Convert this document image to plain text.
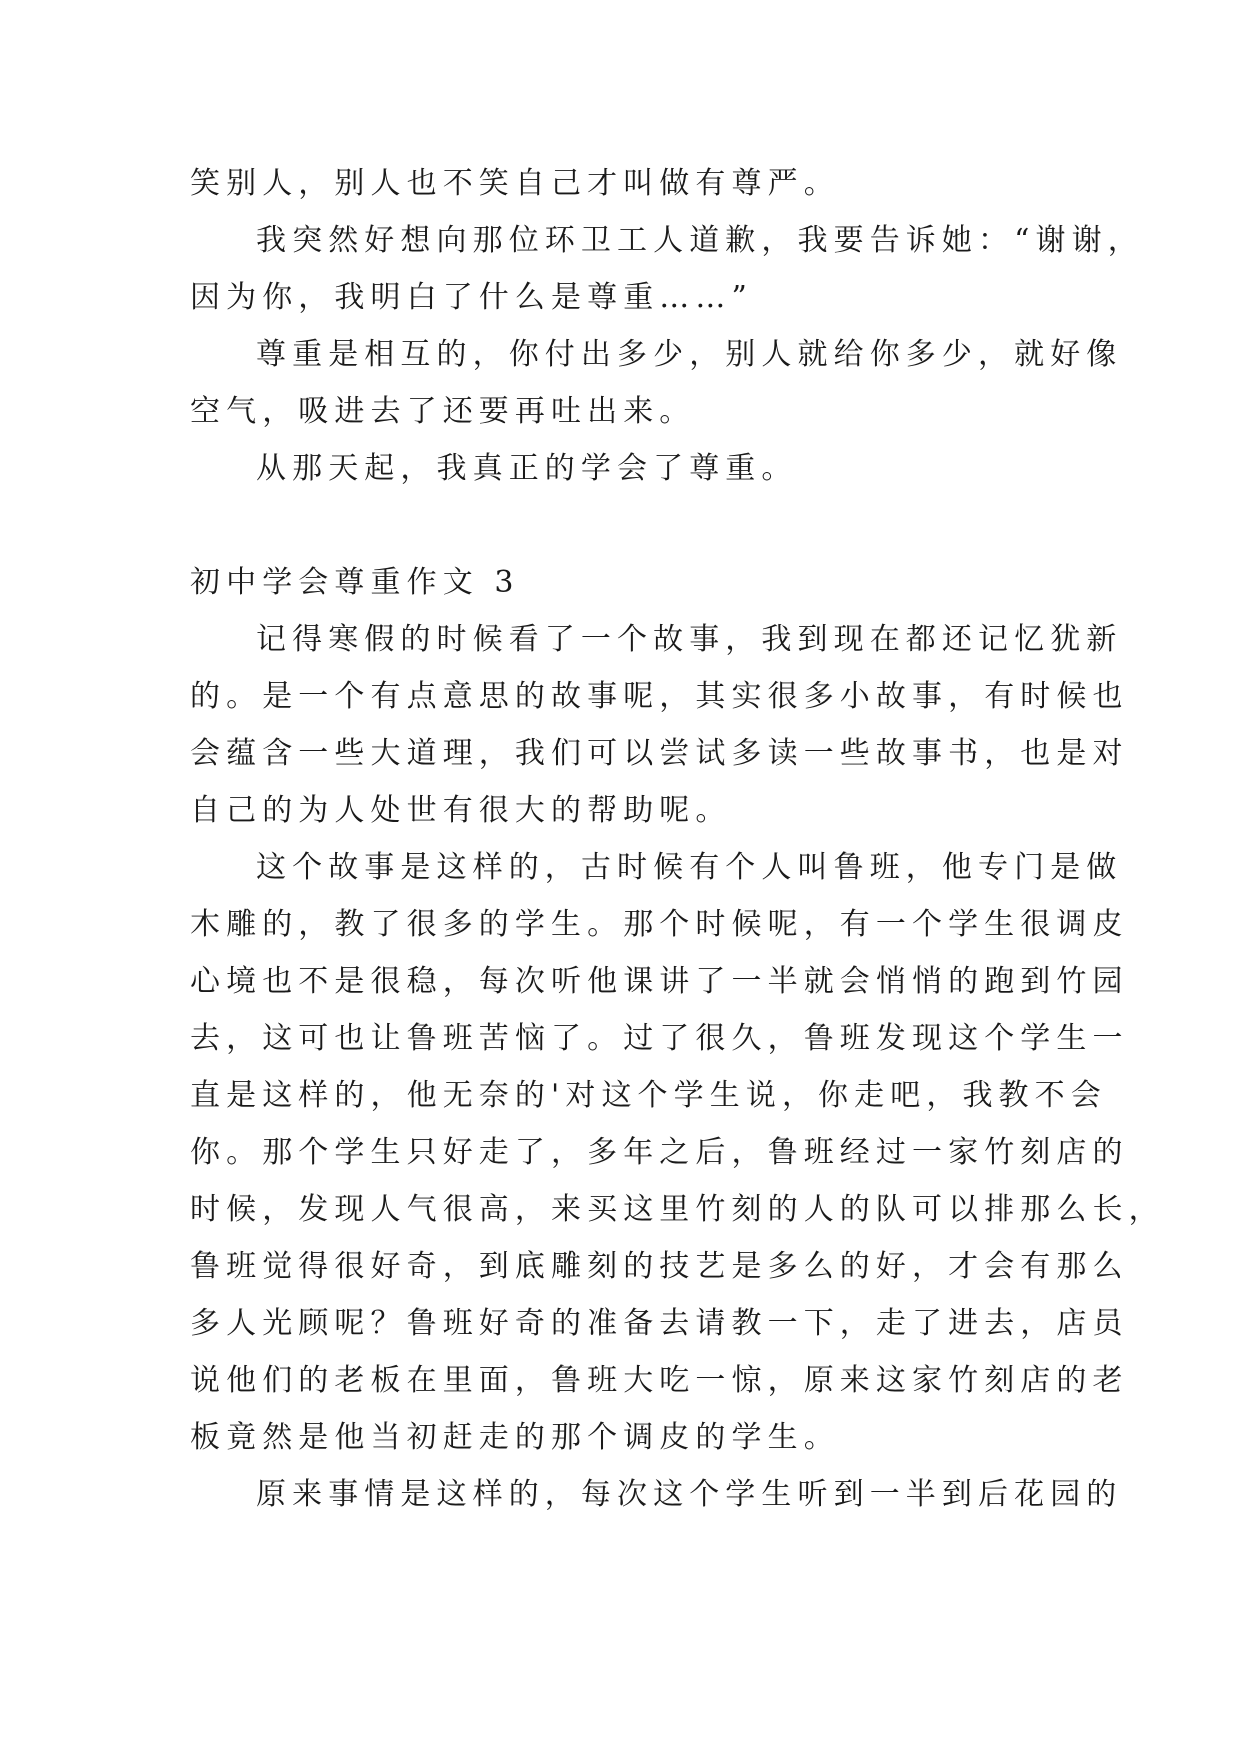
笑别人，别人也不笑自己才叫做有尊严。
我突然好想向那位环卫工人道歉，我要告诉她：“谢谢，
因为你，我明白了什么是尊重……”
尊重是相互的，你付出多少，别人就给你多少，就好像
空气，吸进去了还要再吐出来。
从那天起，我真正的学会了尊重。
初中学会尊重作文 3
记得寒假的时候看了一个故事，我到现在都还记忆犹新
的。是一个有点意思的故事呢，其实很多小故事，有时候也
会蕴含一些大道理，我们可以尝试多读一些故事书，也是对
自己的为人处世有很大的帮助呢。
这个故事是这样的，古时候有个人叫鲁班，他专门是做
木雕的，教了很多的学生。那个时候呢，有一个学生很调皮
心境也不是很稳，每次听他课讲了一半就会悄悄的跑到竹园
去，这可也让鲁班苦恼了。过了很久，鲁班发现这个学生一
直是这样的，他无奈的'对这个学生说，你走吧，我教不会
你。那个学生只好走了，多年之后，鲁班经过一家竹刻店的
时候，发现人气很高，来买这里竹刻的人的队可以排那么长，
鲁班觉得很好奇，到底雕刻的技艺是多么的好，才会有那么
多人光顾呢？鲁班好奇的准备去请教一下，走了进去，店员
说他们的老板在里面，鲁班大吃一惊，原来这家竹刻店的老
板竟然是他当初赶走的那个调皮的学生。
原来事情是这样的，每次这个学生听到一半到后花园的
